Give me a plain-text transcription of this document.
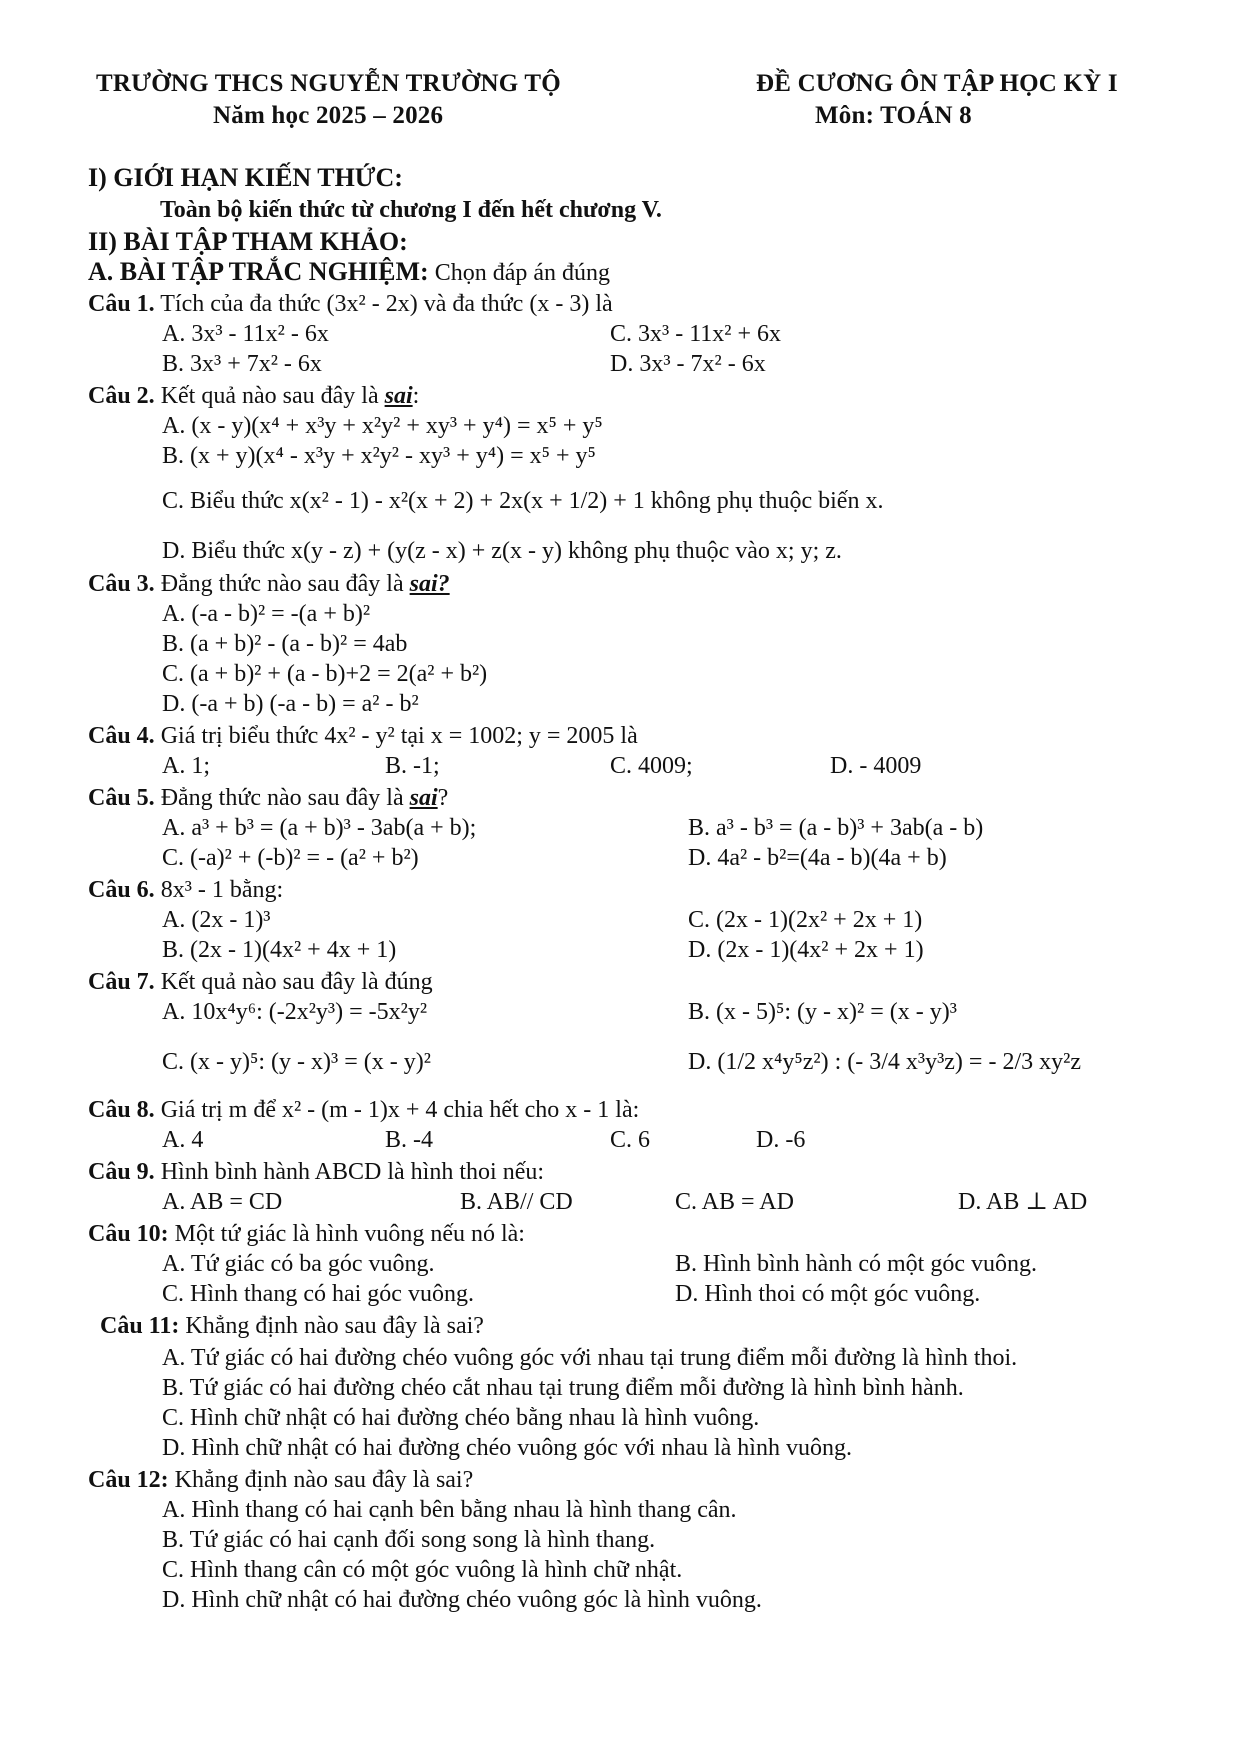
TRƯỜNG THCS NGUYỄN TRƯỜNG TỘ
Năm học 2025 – 2026
ĐỀ CƯƠNG ÔN TẬP HỌC KỲ I
Môn: TOÁN 8
I) GIỚI HẠN KIẾN THỨC:
Toàn bộ kiến thức từ chương I đến hết chương V.
II) BÀI TẬP THAM KHẢO:
A. BÀI TẬP TRẮC NGHIỆM: Chọn đáp án đúng
Câu 1. Tích của đa thức (3x² - 2x) và đa thức (x - 3) là
A. 3x³ - 11x² - 6x	C. 3x³ - 11x² + 6x
B. 3x³ + 7x² - 6x	D. 3x³ - 7x² - 6x
Câu 2. Kết quả nào sau đây là sai:
A. (x - y)(x⁴ + x³y + x²y² + xy³ + y⁴) = x⁵ + y⁵
B. (x + y)(x⁴ - x³y + x²y² - xy³ + y⁴) = x⁵ + y⁵
C. Biểu thức x(x² - 1) - x²(x + 2) + 2x(x + 1/2) + 1 không phụ thuộc biến x.
D. Biểu thức x(y - z) + (y(z - x) + z(x - y) không phụ thuộc vào x; y; z.
Câu 3. Đẳng thức nào sau đây là sai?
A. (-a - b)² = -(a + b)²
B. (a + b)² - (a - b)² = 4ab
C. (a + b)² + (a - b)+2 = 2(a² + b²)
D. (-a + b) (-a - b) = a² - b²
Câu 4. Giá trị biểu thức 4x² - y² tại x = 1002; y = 2005 là
A. 1;	B. -1;	C. 4009;	D. - 4009
Câu 5. Đẳng thức nào sau đây là sai?
A. a³ + b³ = (a + b)³ - 3ab(a + b);	B. a³ - b³ = (a - b)³ + 3ab(a - b)
C. (-a)² + (-b)² = - (a² + b²)	D. 4a² - b²=(4a - b)(4a + b)
Câu 6. 8x³ - 1 bằng:
A. (2x - 1)³	C. (2x - 1)(2x² + 2x + 1)
B. (2x - 1)(4x² + 4x + 1)	D. (2x - 1)(4x² + 2x + 1)
Câu 7. Kết quả nào sau đây là đúng
A. 10x⁴y⁶: (-2x²y³) = -5x²y²	B. (x - 5)⁵: (y - x)² = (x - y)³
C. (x - y)⁵: (y - x)³ = (x - y)²	D. (1/2 x⁴y⁵z²) : (- 3/4 x³y³z) = - 2/3 xy²z
Câu 8. Giá trị m để x² - (m - 1)x + 4 chia hết cho x - 1 là:
A. 4	B. -4	C. 6	D. -6
Câu 9. Hình bình hành ABCD là hình thoi nếu:
A. AB = CD	B. AB// CD	C. AB = AD	D. AB ⊥ AD
Câu 10: Một tứ giác là hình vuông nếu nó là:
A. Tứ giác có ba góc vuông.	B. Hình bình hành có một góc vuông.
C. Hình thang có hai góc vuông.	D. Hình thoi có một góc vuông.
Câu 11: Khẳng định nào sau đây là sai?
A. Tứ giác có hai đường chéo vuông góc với nhau tại trung điểm mỗi đường là hình thoi.
B. Tứ giác có hai đường chéo cắt nhau tại trung điểm mỗi đường là hình bình hành.
C. Hình chữ nhật có hai đường chéo bằng nhau là hình vuông.
D. Hình chữ nhật có hai đường chéo vuông góc với nhau là hình vuông.
Câu 12: Khẳng định nào sau đây là sai?
A. Hình thang có hai cạnh bên bằng nhau là hình thang cân.
B. Tứ giác có hai cạnh đối song song là hình thang.
C. Hình thang cân có một góc vuông là hình chữ nhật.
D. Hình chữ nhật có hai đường chéo vuông góc là hình vuông.
